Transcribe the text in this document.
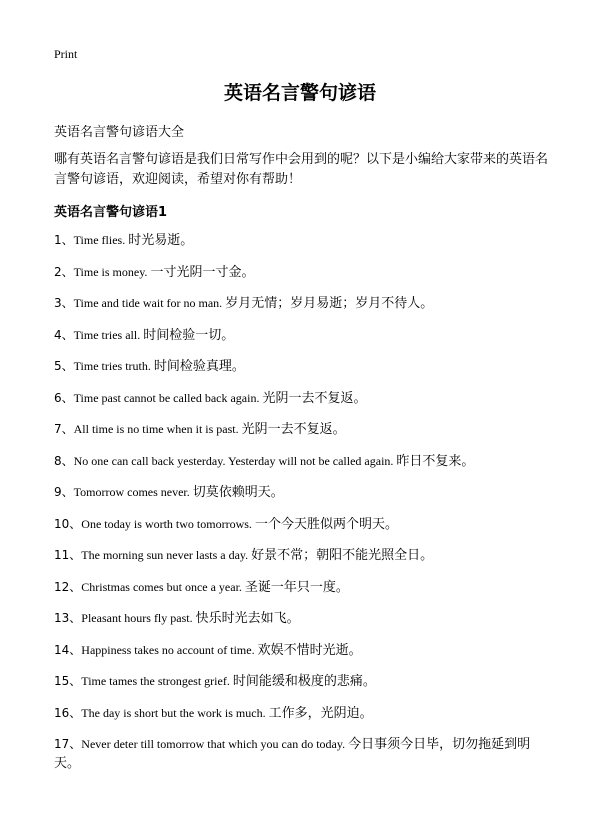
Print
英语名言警句谚语
英语名言警句谚语大全

哪有英语名言警句谚语是我们日常写作中会用到的呢？以下是小编给大家带来的英语名言警句谚语，欢迎阅读，希望对你有帮助！

英语名言警句谚语1
1、Time flies. 时光易逝。
2、Time is money. 一寸光阴一寸金。
3、Time and tide wait for no man. 岁月无情；岁月易逝；岁月不待人。
4、Time tries all. 时间检验一切。
5、Time tries truth. 时间检验真理。
6、Time past cannot be called back again. 光阴一去不复返。
7、All time is no time when it is past. 光阴一去不复返。
8、No one can call back yesterday. Yesterday will not be called again. 昨日不复来。
9、Tomorrow comes never. 切莫依赖明天。
10、One today is worth two tomorrows. 一个今天胜似两个明天。
11、The morning sun never lasts a day. 好景不常；朝阳不能光照全日。
12、Christmas comes but once a year. 圣诞一年只一度。
13、Pleasant hours fly past. 快乐时光去如飞。
14、Happiness takes no account of time. 欢娱不惜时光逝。
15、Time tames the strongest grief. 时间能缓和极度的悲痛。
16、The day is short but the work is much. 工作多，光阴迫。
17、Never deter till tomorrow that which you can do today. 今日事须今日毕，切勿拖延到明天。
